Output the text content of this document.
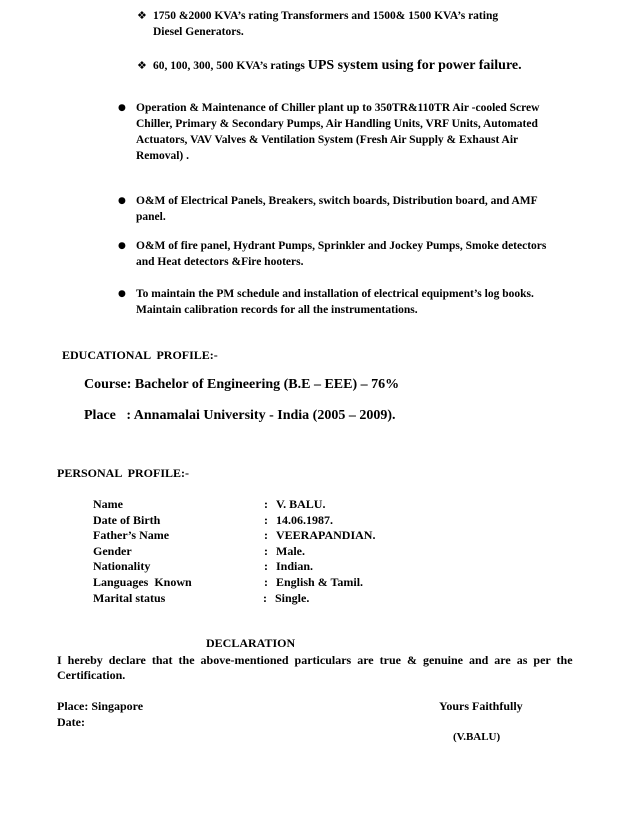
❖ 1750 &2000 KVA’s rating Transformers and 1500& 1500 KVA’s rating
Diesel Generators.
❖ 60, 100, 300, 500 KVA’s ratings UPS system using for power failure.
● Operation & Maintenance of Chiller plant up to 350TR&110TR Air -cooled Screw
Chiller, Primary & Secondary Pumps, Air Handling Units, VRF Units, Automated
Actuators, VAV Valves & Ventilation System (Fresh Air Supply & Exhaust Air
Removal) .
● O&M of Electrical Panels, Breakers, switch boards, Distribution board, and AMF
panel.
● O&M of fire panel, Hydrant Pumps, Sprinkler and Jockey Pumps, Smoke detectors
and Heat detectors &Fire hooters.
● To maintain the PM schedule and installation of electrical equipment’s log books.
Maintain calibration records for all the instrumentations.
EDUCATIONAL  PROFILE:-
Course: Bachelor of Engineering (B.E – EEE) – 76%
Place   : Annamalai University - India (2005 – 2009).
PERSONAL  PROFILE:-
Name	: V. BALU.
Date of Birth	: 14.06.1987.
Father’s Name	: VEERAPANDIAN.
Gender	: Male.
Nationality	: Indian.
Languages  Known	: English & Tamil.
Marital status	: Single.
DECLARATION
I  hereby  declare  that  the  above-mentioned  particulars  are  true  &  genuine  and  are  as  per  the
Certification.
Place: Singapore
Date:
Yours Faithfully
(V.BALU)
